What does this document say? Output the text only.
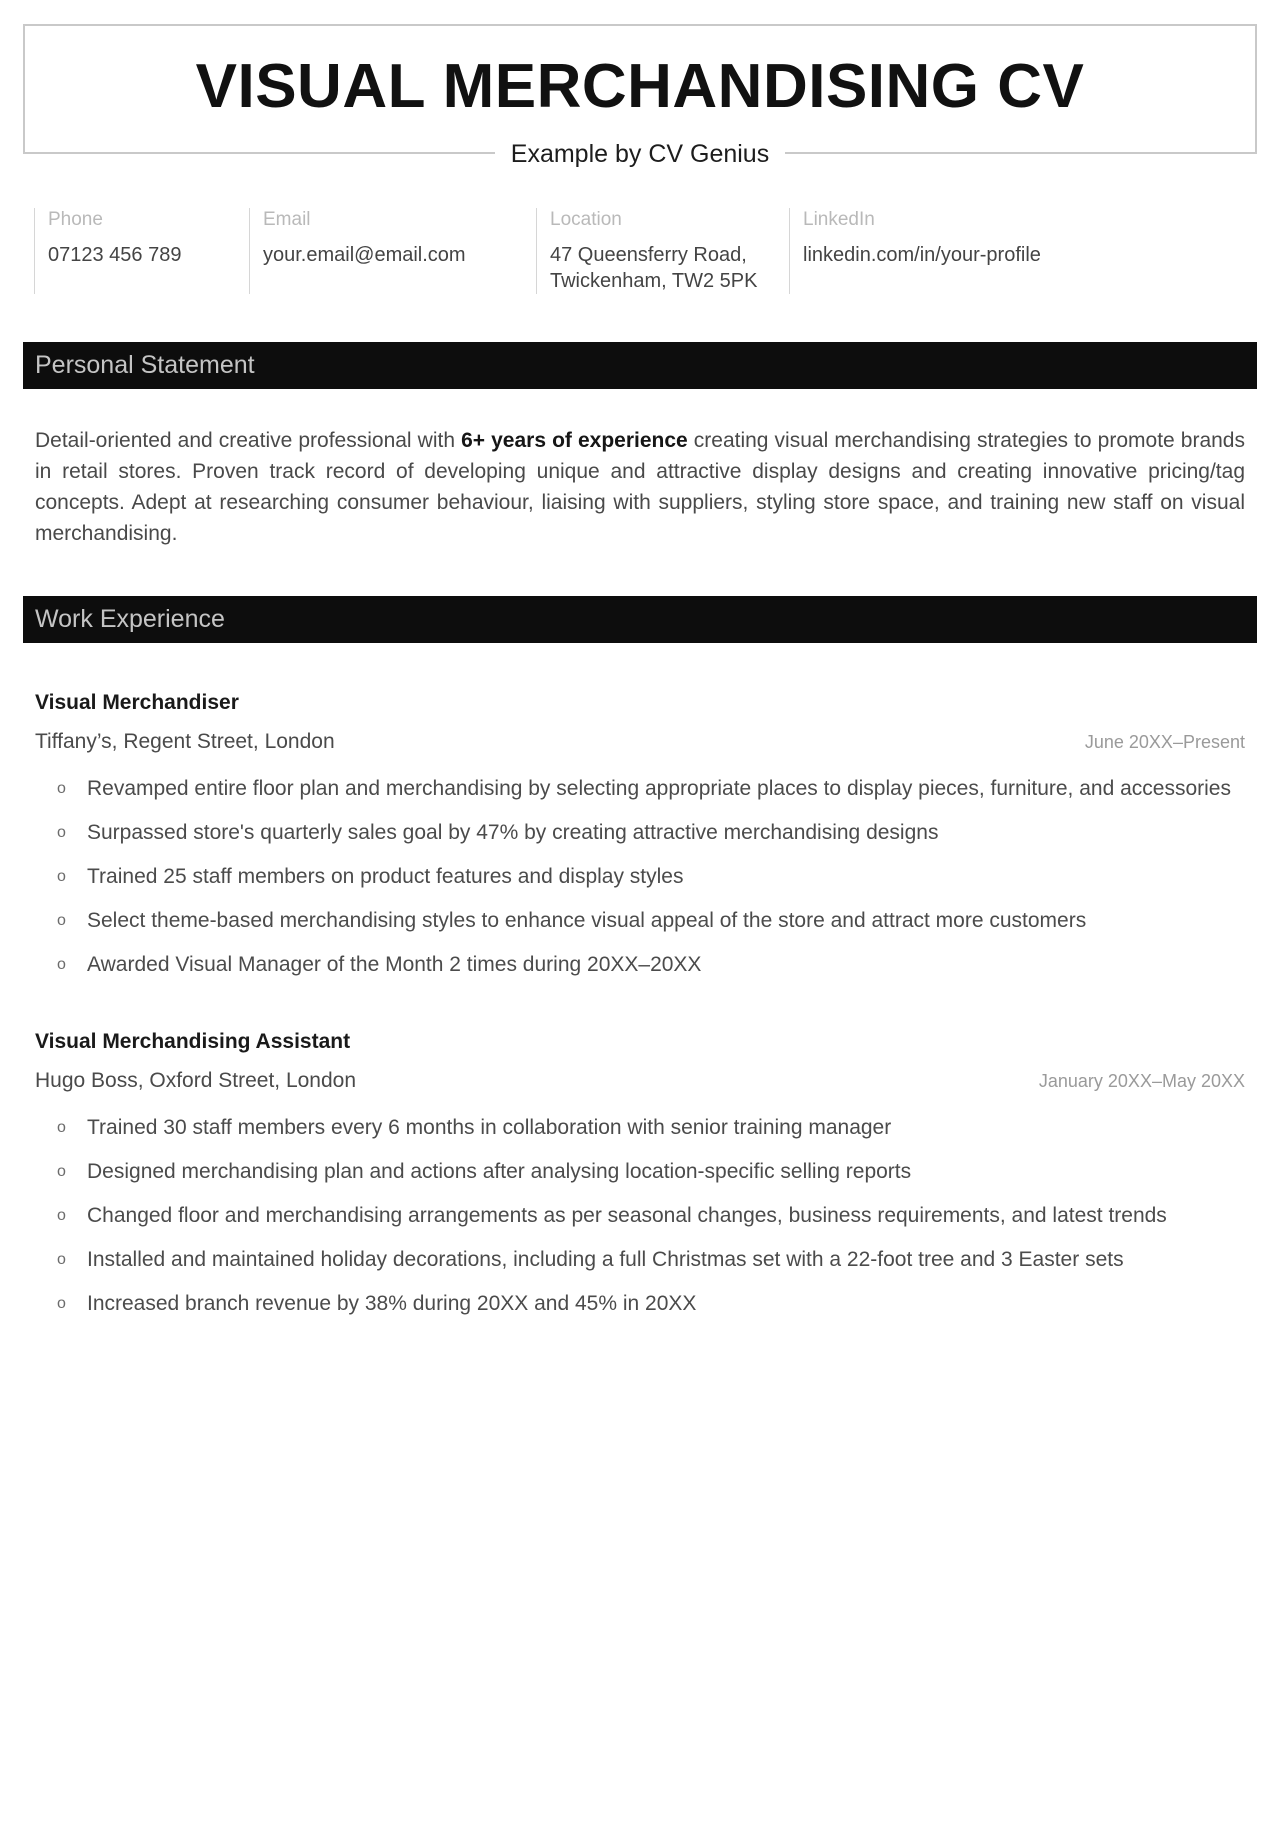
VISUAL MERCHANDISING CV
Example by CV Genius
Phone
07123 456 789
Email
your.email@email.com
Location
47 Queensferry Road, Twickenham, TW2 5PK
LinkedIn
linkedin.com/in/your-profile
Personal Statement
Detail-oriented and creative professional with 6+ years of experience creating visual merchandising strategies to promote brands in retail stores. Proven track record of developing unique and attractive display designs and creating innovative pricing/tag concepts. Adept at researching consumer behaviour, liaising with suppliers, styling store space, and training new staff on visual merchandising.
Work Experience
Visual Merchandiser
Tiffany’s, Regent Street, London	June 20XX–Present
o Revamped entire floor plan and merchandising by selecting appropriate places to display pieces, furniture, and accessories
o Surpassed store's quarterly sales goal by 47% by creating attractive merchandising designs
o Trained 25 staff members on product features and display styles
o Select theme-based merchandising styles to enhance visual appeal of the store and attract more customers
o Awarded Visual Manager of the Month 2 times during 20XX–20XX
Visual Merchandising Assistant
Hugo Boss, Oxford Street, London	January 20XX–May 20XX
o Trained 30 staff members every 6 months in collaboration with senior training manager
o Designed merchandising plan and actions after analysing location-specific selling reports
o Changed floor and merchandising arrangements as per seasonal changes, business requirements, and latest trends
o Installed and maintained holiday decorations, including a full Christmas set with a 22-foot tree and 3 Easter sets
o Increased branch revenue by 38% during 20XX and 45% in 20XX
